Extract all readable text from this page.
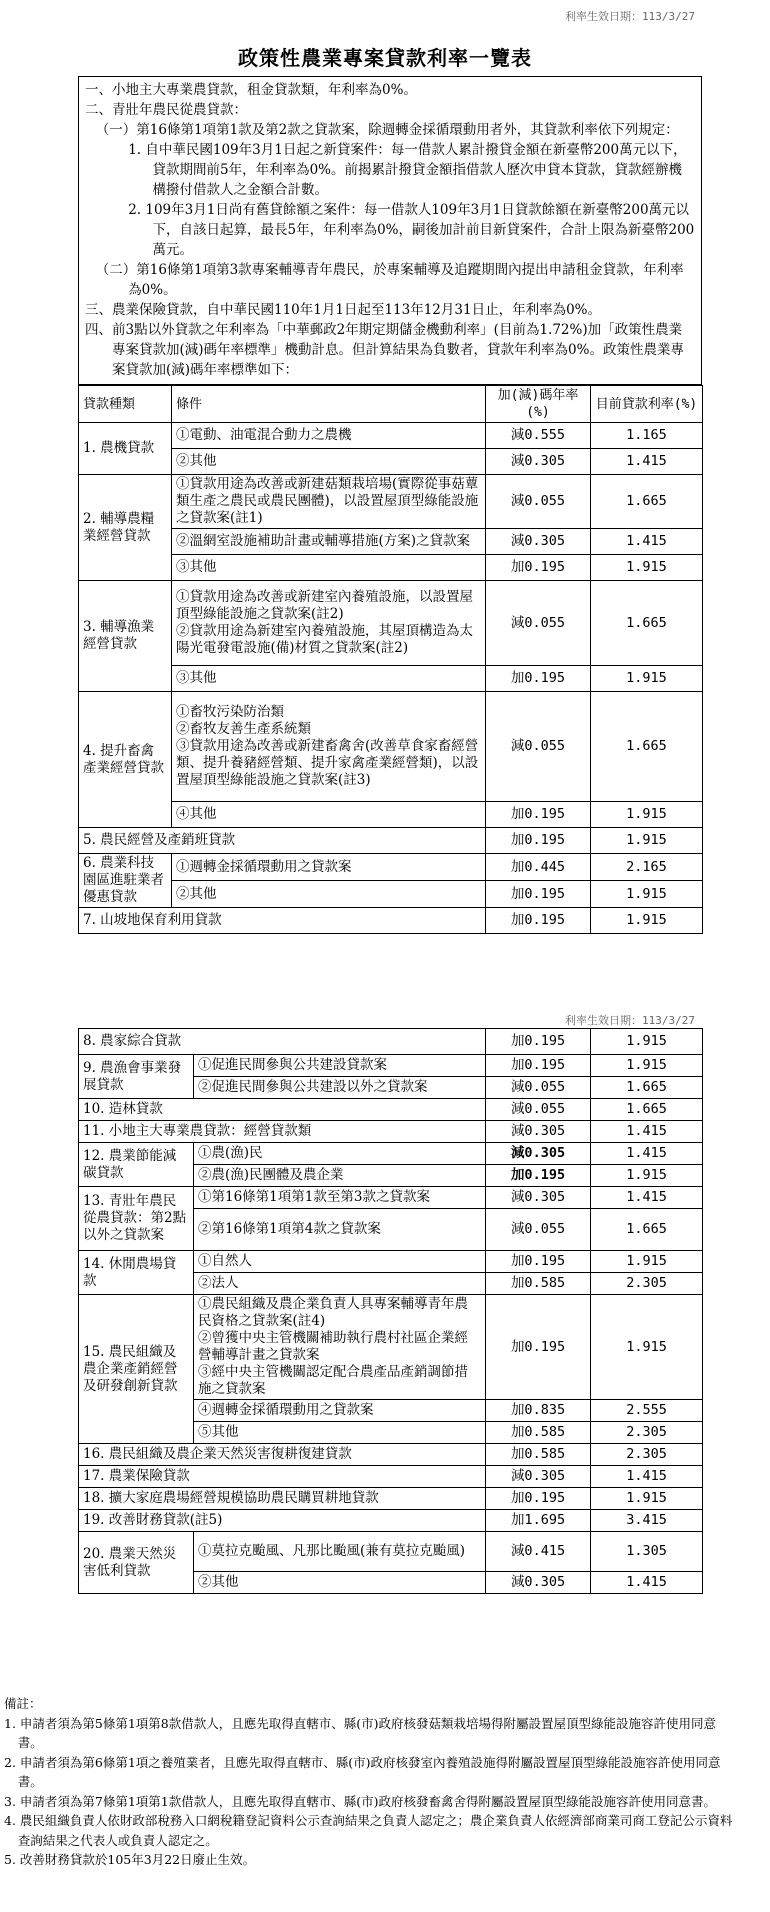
利率生效日期：113/3/27
政策性農業專案貸款利率一覽表

一、小地主大專業農貸款，租金貸款類，年利率為0%。

二、青壯年農民從農貸款：

（一）第16條第1項第1款及第2款之貸款案，除週轉金採循環動用者外，其貸款利率依下列規定：

1. 自中華民國109年3月1日起之新貸案件：每一借款人累計撥貸金額在新臺幣200萬元以下，貸款期間前5年，年利率為0%。前揭累計撥貸金額指借款人歷次申貸本貸款，貸款經辦機構撥付借款人之金額合計數。

2. 109年3月1日尚有舊貸餘額之案件：每一借款人109年3月1日貸款餘額在新臺幣200萬元以下，自該日起算，最長5年，年利率為0%，嗣後加計前目新貸案件，合計上限為新臺幣200萬元。

（二）第16條第1項第3款專案輔導青年農民，於專案輔導及追蹤期間內提出申請租金貸款，年利率為0%。

三、農業保險貸款，自中華民國110年1月1日起至113年12月31日止，年利率為0%。

四、前3點以外貸款之年利率為「中華郵政2年期定期儲金機動利率」(目前為1.72%)加「政策性農業專案貸款加(減)碼年率標準」機動計息。但計算結果為負數者，貸款年利率為0%。政策性農業專案貸款加(減)碼年率標準如下：

貸款種類	條件	加(減)碼年率(%)	目前貸款利率(%)
1. 農機貸款	①電動、油電混合動力之農機	減0.555	1.165
	②其他	減0.305	1.415
2. 輔導農糧業經營貸款	①貸款用途為改善或新建菇類栽培場(實際從事菇蕈類生產之農民或農民團體)，以設置屋頂型綠能設施之貸款案(註1)	減0.055	1.665
	②溫網室設施補助計畫或輔導措施(方案)之貸款案	減0.305	1.415
	③其他	加0.195	1.915
3. 輔導漁業經營貸款	①貸款用途為改善或新建室內養殖設施，以設置屋頂型綠能設施之貸款案(註2)
②貸款用途為新建室內養殖設施，其屋頂構造為太陽光電發電設施(備)材質之貸款案(註2)	減0.055	1.665
	③其他	加0.195	1.915
4. 提升畜禽產業經營貸款	①畜牧污染防治類
②畜牧友善生產系統類
③貸款用途為改善或新建畜禽舍(改善草食家畜經營類、提升養豬經營類、提升家禽產業經營類)，以設置屋頂型綠能設施之貸款案(註3)	減0.055	1.665
	④其他	加0.195	1.915
5. 農民經營及產銷班貸款		加0.195	1.915
6. 農業科技園區進駐業者優惠貸款	①週轉金採循環動用之貸款案	加0.445	2.165
	②其他	加0.195	1.915
7. 山坡地保育利用貸款		加0.195	1.915
利率生效日期：113/3/27
8. 農家綜合貸款		加0.195	1.915
9. 農漁會事業發展貸款	①促進民間參與公共建設貸款案	加0.195	1.915
	②促進民間參與公共建設以外之貸款案	減0.055	1.665
10. 造林貸款		減0.055	1.665
11. 小地主大專業農貸款：經營貸款類		減0.305	1.415
12. 農業節能減碳貸款	①農(漁)民	減0.305	1.415
	②農(漁)民團體及農企業	加0.195	1.915
13. 青壯年農民從農貸款：第2點以外之貸款案	①第16條第1項第1款至第3款之貸款案	減0.305	1.415
	②第16條第1項第4款之貸款案	減0.055	1.665
14. 休閒農場貸款	①自然人	加0.195	1.915
	②法人	加0.585	2.305
15. 農民組織及農企業產銷經營及研發創新貸款	①農民組織及農企業負責人具專案輔導青年農民資格之貸款案(註4)
②曾獲中央主管機關補助執行農村社區企業經營輔導計畫之貸款案
③經中央主管機關認定配合農產品產銷調節措施之貸款案	加0.195	1.915
	④週轉金採循環動用之貸款案	加0.835	2.555
	⑤其他	加0.585	2.305
16. 農民組織及農企業天然災害復耕復建貸款		加0.585	2.305
17. 農業保險貸款		減0.305	1.415
18. 擴大家庭農場經營規模協助農民購買耕地貸款		加0.195	1.915
19. 改善財務貸款(註5)		加1.695	3.415
20. 農業天然災害低利貸款	①莫拉克颱風、凡那比颱風(兼有莫拉克颱風)	減0.415	1.305
	②其他	減0.305	1.415

備註：

1. 申請者須為第5條第1項第8款借款人，且應先取得直轄市、縣(市)政府核發菇類栽培場得附屬設置屋頂型綠能設施容許使用同意書。

2. 申請者須為第6條第1項之養殖業者，且應先取得直轄市、縣(市)政府核發室內養殖設施得附屬設置屋頂型綠能設施容許使用同意書。

3. 申請者須為第7條第1項第1款借款人，且應先取得直轄市、縣(市)政府核發畜禽舍得附屬設置屋頂型綠能設施容許使用同意書。

4. 農民組織負責人依財政部稅務入口網稅籍登記資料公示查詢結果之負責人認定之；農企業負責人依經濟部商業司商工登記公示資料查詢結果之代表人或負責人認定之。

5. 改善財務貸款於105年3月22日廢止生效。
